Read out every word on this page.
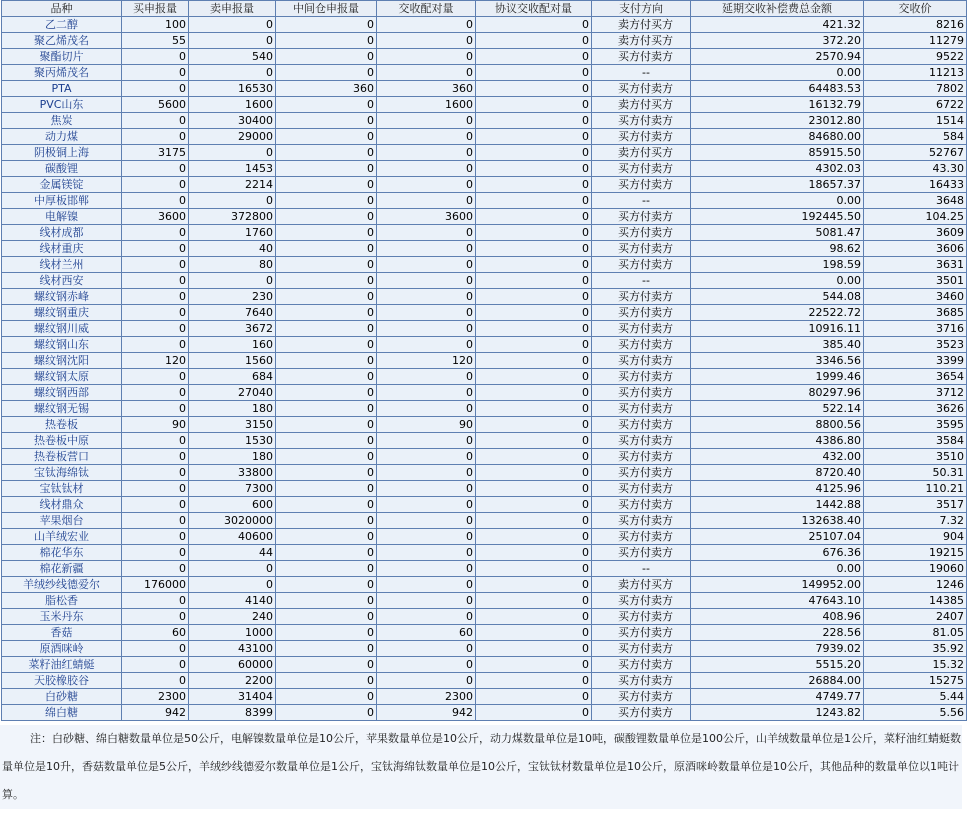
品种	买申报量	卖申报量	中间仓申报量	交收配对量	协议交收配对量	支付方向	延期交收补偿费总金额	交收价
乙二醇	100	0	0	0	0	卖方付买方	421.32	8216
聚乙烯茂名	55	0	0	0	0	卖方付买方	372.20	11279
聚酯切片	0	540	0	0	0	买方付卖方	2570.94	9522
聚丙烯茂名	0	0	0	0	0	--	0.00	11213
PTA	0	16530	360	360	0	买方付卖方	64483.53	7802
PVC山东	5600	1600	0	1600	0	卖方付买方	16132.79	6722
焦炭	0	30400	0	0	0	买方付卖方	23012.80	1514
动力煤	0	29000	0	0	0	买方付卖方	84680.00	584
阴极铜上海	3175	0	0	0	0	卖方付买方	85915.50	52767
碳酸锂	0	1453	0	0	0	买方付卖方	4302.03	43.30
金属镁锭	0	2214	0	0	0	买方付卖方	18657.37	16433
中厚板邯郸	0	0	0	0	0	--	0.00	3648
电解镍	3600	372800	0	3600	0	买方付卖方	192445.50	104.25
线材成都	0	1760	0	0	0	买方付卖方	5081.47	3609
线材重庆	0	40	0	0	0	买方付卖方	98.62	3606
线材兰州	0	80	0	0	0	买方付卖方	198.59	3631
线材西安	0	0	0	0	0	--	0.00	3501
螺纹钢赤峰	0	230	0	0	0	买方付卖方	544.08	3460
螺纹钢重庆	0	7640	0	0	0	买方付卖方	22522.72	3685
螺纹钢川威	0	3672	0	0	0	买方付卖方	10916.11	3716
螺纹钢山东	0	160	0	0	0	买方付卖方	385.40	3523
螺纹钢沈阳	120	1560	0	120	0	买方付卖方	3346.56	3399
螺纹钢太原	0	684	0	0	0	买方付卖方	1999.46	3654
螺纹钢西部	0	27040	0	0	0	买方付卖方	80297.96	3712
螺纹钢无锡	0	180	0	0	0	买方付卖方	522.14	3626
热卷板	90	3150	0	90	0	买方付卖方	8800.56	3595
热卷板中原	0	1530	0	0	0	买方付卖方	4386.80	3584
热卷板营口	0	180	0	0	0	买方付卖方	432.00	3510
宝钛海绵钛	0	33800	0	0	0	买方付卖方	8720.40	50.31
宝钛钛材	0	7300	0	0	0	买方付卖方	4125.96	110.21
线材鼎众	0	600	0	0	0	买方付卖方	1442.88	3517
苹果烟台	0	3020000	0	0	0	买方付卖方	132638.40	7.32
山羊绒宏业	0	40600	0	0	0	买方付卖方	25107.04	904
棉花华东	0	44	0	0	0	买方付卖方	676.36	19215
棉花新疆	0	0	0	0	0	--	0.00	19060
羊绒纱线德爱尔	176000	0	0	0	0	卖方付买方	149952.00	1246
脂松香	0	4140	0	0	0	买方付卖方	47643.10	14385
玉米丹东	0	240	0	0	0	买方付卖方	408.96	2407
香菇	60	1000	0	60	0	买方付卖方	228.56	81.05
原酒咪岭	0	43100	0	0	0	买方付卖方	7939.02	35.92
菜籽油红蜻蜓	0	60000	0	0	0	买方付卖方	5515.20	15.32
天胶橡胶谷	0	2200	0	0	0	买方付卖方	26884.00	15275
白砂糖	2300	31404	0	2300	0	买方付卖方	4749.77	5.44
绵白糖	942	8399	0	942	0	买方付卖方	1243.82	5.56
注：白砂糖、绵白糖数量单位是50公斤，电解镍数量单位是10公斤，苹果数量单位是10公斤，动力煤数量单位是10吨，碳酸锂数量单位是100公斤，山羊绒数量单位是1公斤，菜籽油红蜻蜓数量单位是10升，香菇数量单位是5公斤，羊绒纱线德爱尔数量单位是1公斤，宝钛海绵钛数量单位是10公斤，宝钛钛材数量单位是10公斤，原酒咪岭数量单位是10公斤，其他品种的数量单位以1吨计算。
